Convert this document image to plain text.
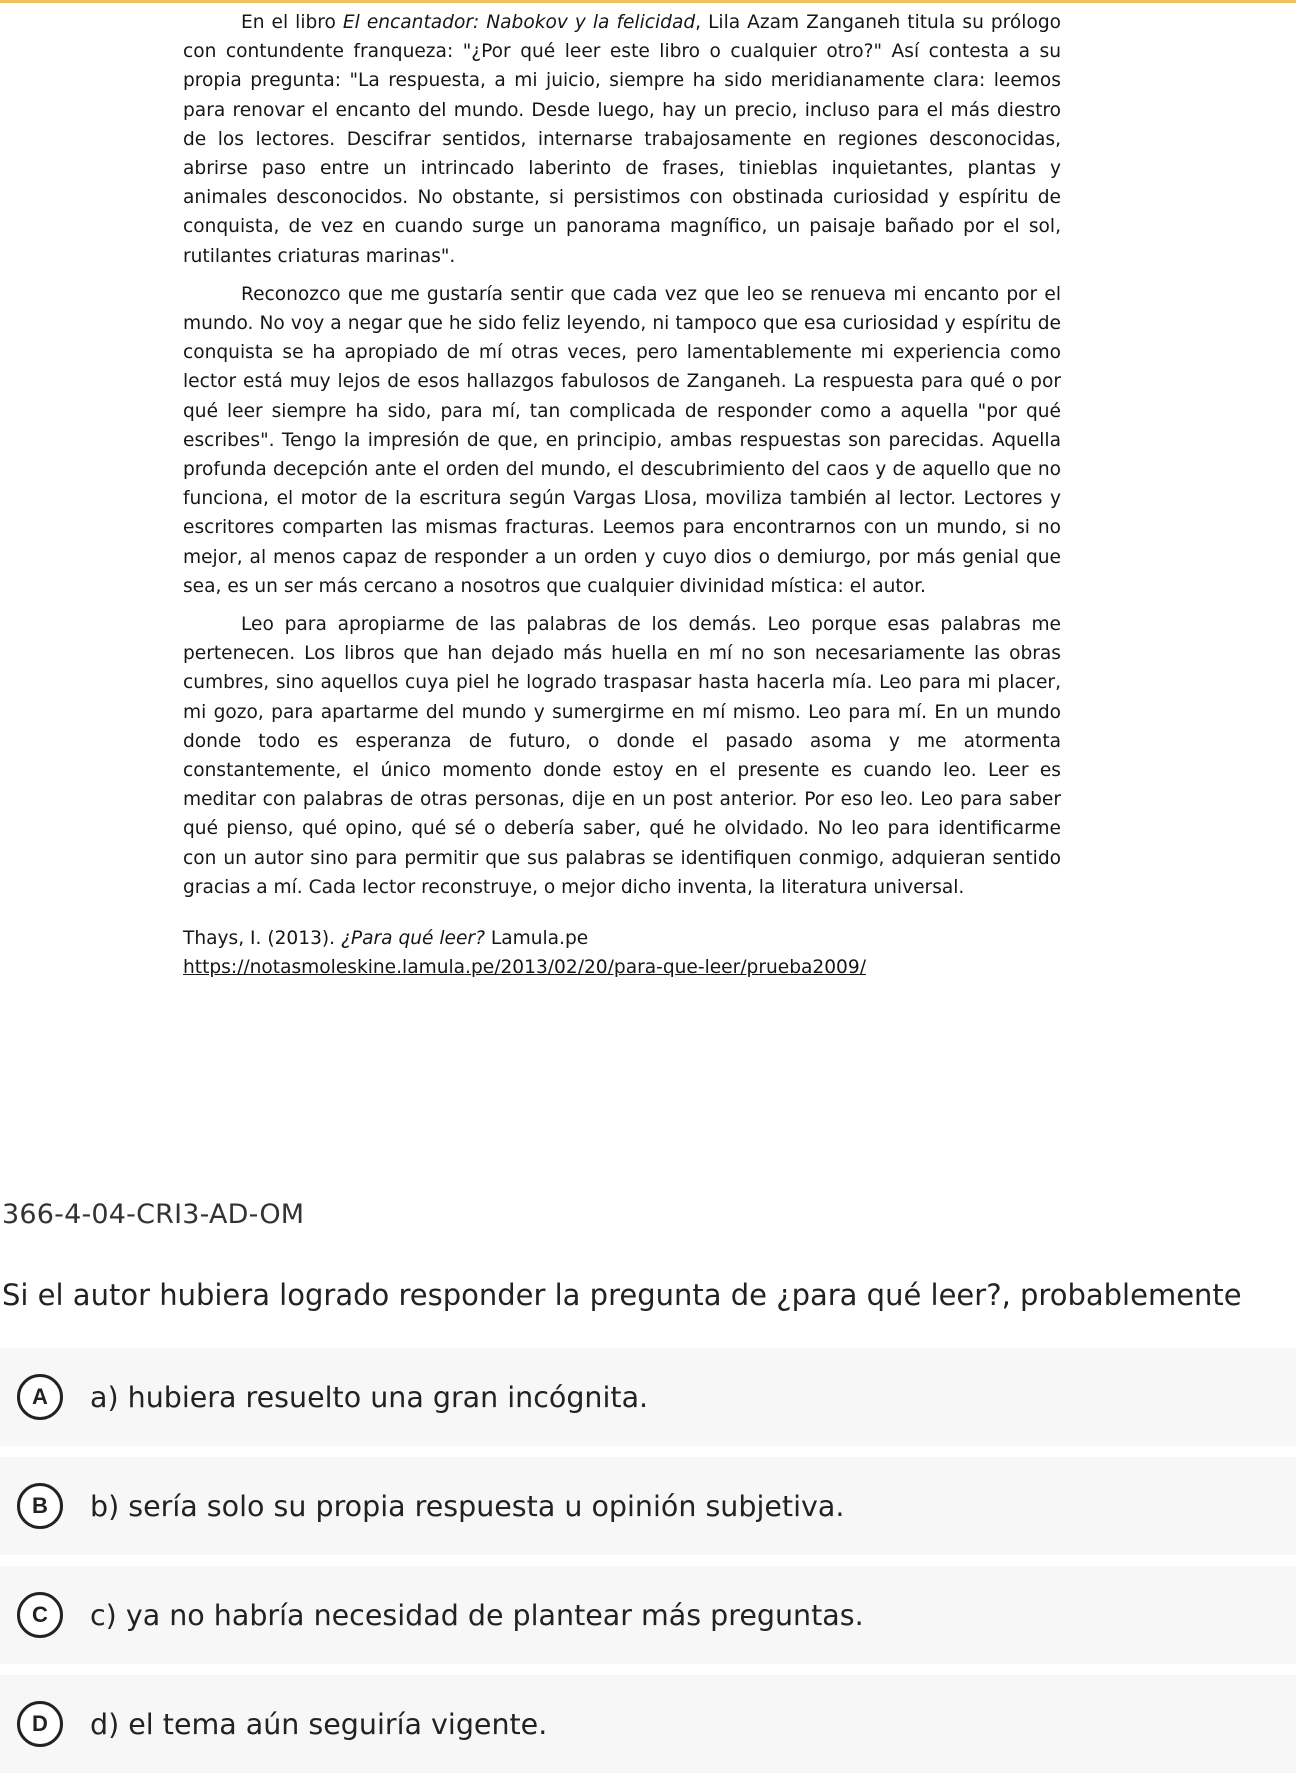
En el libro El encantador: Nabokov y la felicidad, Lila Azam Zanganeh titula su prólogo con contundente franqueza: "¿Por qué leer este libro o cualquier otro?" Así contesta a su propia pregunta: "La respuesta, a mi juicio, siempre ha sido meridianamente clara: leemos para renovar el encanto del mundo. Desde luego, hay un precio, incluso para el más diestro de los lectores. Descifrar sentidos, internarse trabajosamente en regiones desconocidas, abrirse paso entre un intrincado laberinto de frases, tinieblas inquietantes, plantas y animales desconocidos. No obstante, si persistimos con obstinada curiosidad y espíritu de conquista, de vez en cuando surge un panorama magnífico, un paisaje bañado por el sol, rutilantes criaturas marinas".

Reconozco que me gustaría sentir que cada vez que leo se renueva mi encanto por el mundo. No voy a negar que he sido feliz leyendo, ni tampoco que esa curiosidad y espíritu de conquista se ha apropiado de mí otras veces, pero lamentablemente mi experiencia como lector está muy lejos de esos hallazgos fabulosos de Zanganeh. La respuesta para qué o por qué leer siempre ha sido, para mí, tan complicada de responder como a aquella "por qué escribes". Tengo la impresión de que, en principio, ambas respuestas son parecidas. Aquella profunda decepción ante el orden del mundo, el descubrimiento del caos y de aquello que no funciona, el motor de la escritura según Vargas Llosa, moviliza también al lector. Lectores y escritores comparten las mismas fracturas. Leemos para encontrarnos con un mundo, si no mejor, al menos capaz de responder a un orden y cuyo dios o demiurgo, por más genial que sea, es un ser más cercano a nosotros que cualquier divinidad mística: el autor.

Leo para apropiarme de las palabras de los demás. Leo porque esas palabras me pertenecen. Los libros que han dejado más huella en mí no son necesariamente las obras cumbres, sino aquellos cuya piel he logrado traspasar hasta hacerla mía. Leo para mi placer, mi gozo, para apartarme del mundo y sumergirme en mí mismo. Leo para mí. En un mundo donde todo es esperanza de futuro, o donde el pasado asoma y me atormenta constantemente, el único momento donde estoy en el presente es cuando leo. Leer es meditar con palabras de otras personas, dije en un post anterior. Por eso leo. Leo para saber qué pienso, qué opino, qué sé o debería saber, qué he olvidado. No leo para identificarme con un autor sino para permitir que sus palabras se identifiquen conmigo, adquieran sentido gracias a mí. Cada lector reconstruye, o mejor dicho inventa, la literatura universal.

Thays, I. (2013). ¿Para qué leer? Lamula.pe
https://notasmoleskine.lamula.pe/2013/02/20/para-que-leer/prueba2009/
366-4-04-CRI3-AD-OM
Si el autor hubiera logrado responder la pregunta de ¿para qué leer?, probablemente
A	a) hubiera resuelto una gran incógnita.
B	b) sería solo su propia respuesta u opinión subjetiva.
C	c) ya no habría necesidad de plantear más preguntas.
D	d) el tema aún seguiría vigente.
